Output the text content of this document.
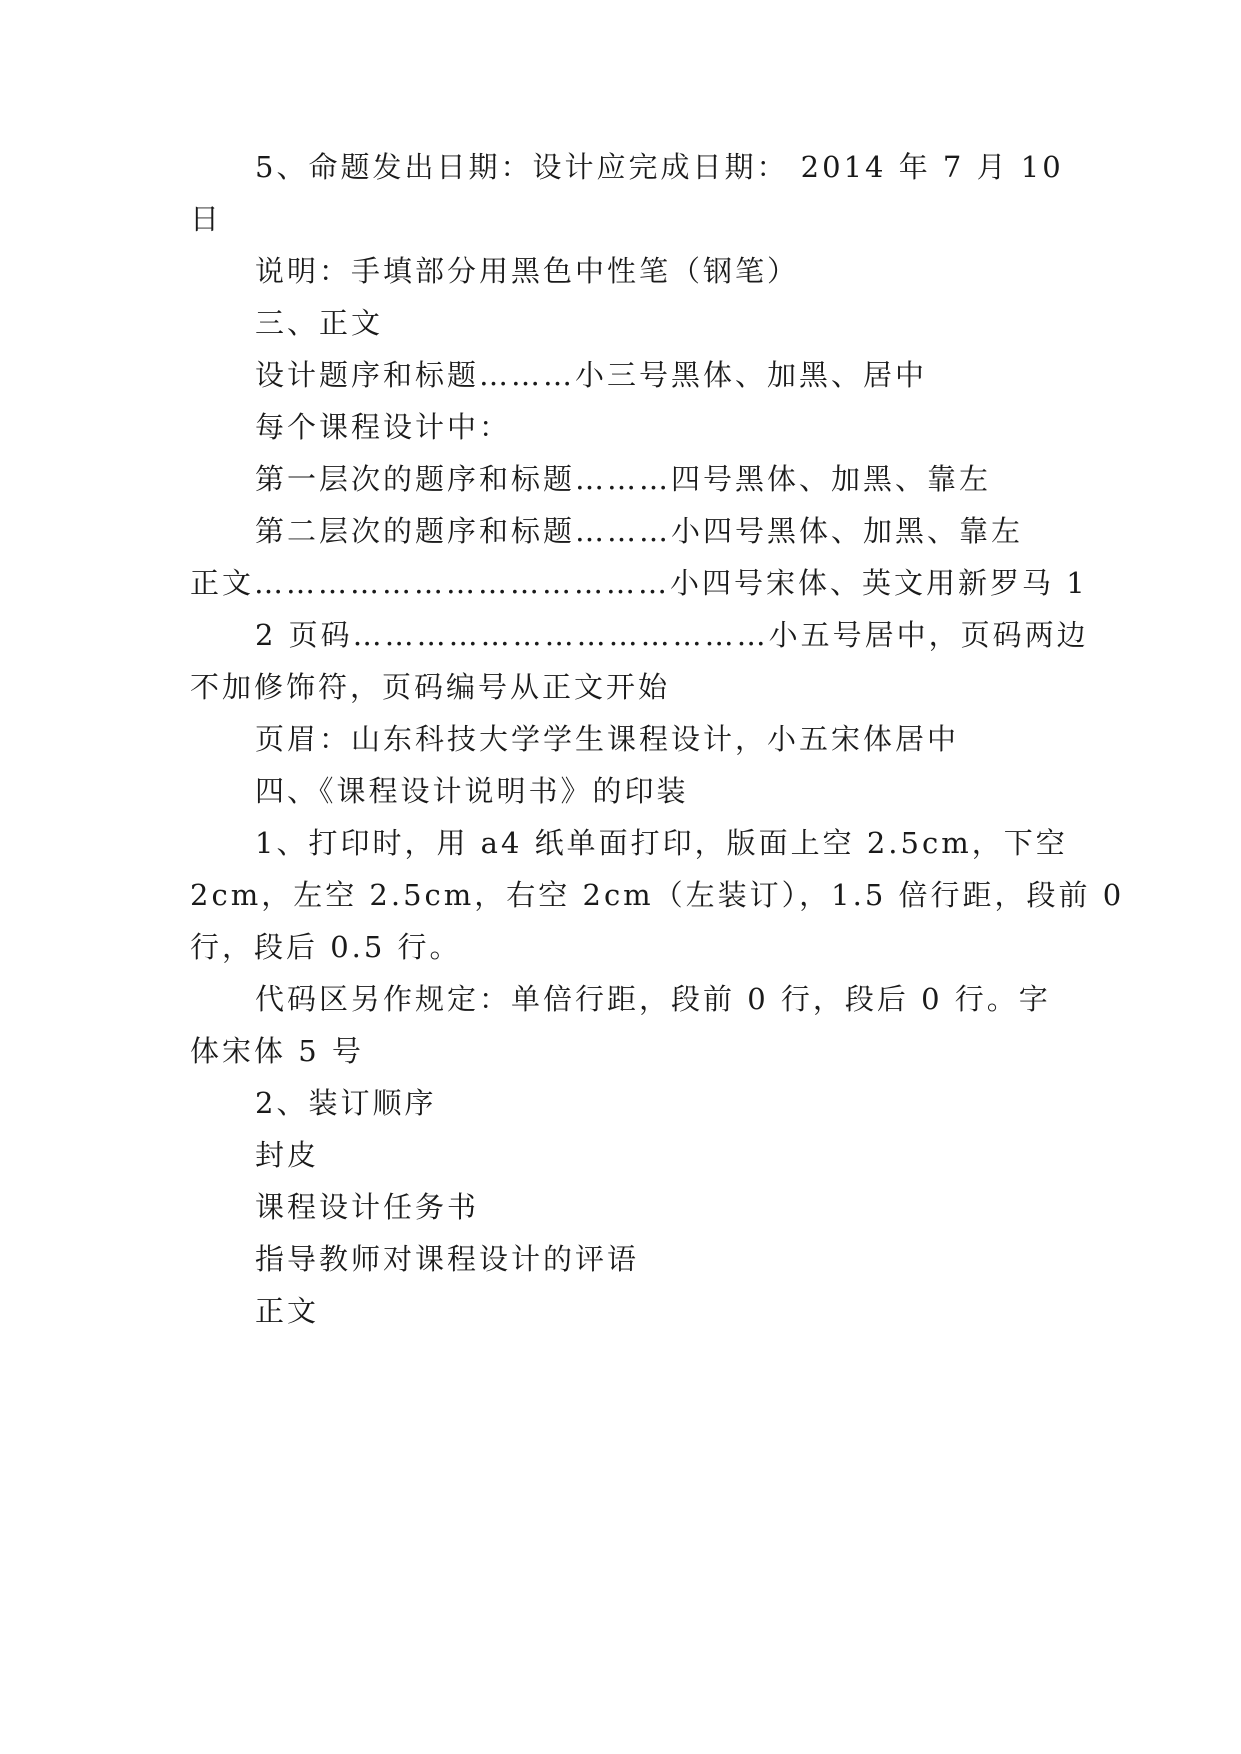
5、命题发出日期：设计应完成日期： 2014 年 7 月 10
日
说明：手填部分用黑色中性笔（钢笔）
三、正文
设计题序和标题………小三号黑体、加黑、居中
每个课程设计中：
第一层次的题序和标题………四号黑体、加黑、靠左
第二层次的题序和标题………小四号黑体、加黑、靠左
正文…………………………………小四号宋体、英文用新罗马 1
2 页码…………………………………小五号居中，页码两边
不加修饰符，页码编号从正文开始
页眉：山东科技大学学生课程设计，小五宋体居中
四、《课程设计说明书》的印装
1、打印时，用 a4 纸单面打印，版面上空 2.5cm，下空
2cm，左空 2.5cm，右空 2cm（左装订），1.5 倍行距，段前 0
行，段后 0.5 行。
代码区另作规定：单倍行距，段前 0 行，段后 0 行。字
体宋体 5 号
2、装订顺序
封皮
课程设计任务书
指导教师对课程设计的评语
正文
